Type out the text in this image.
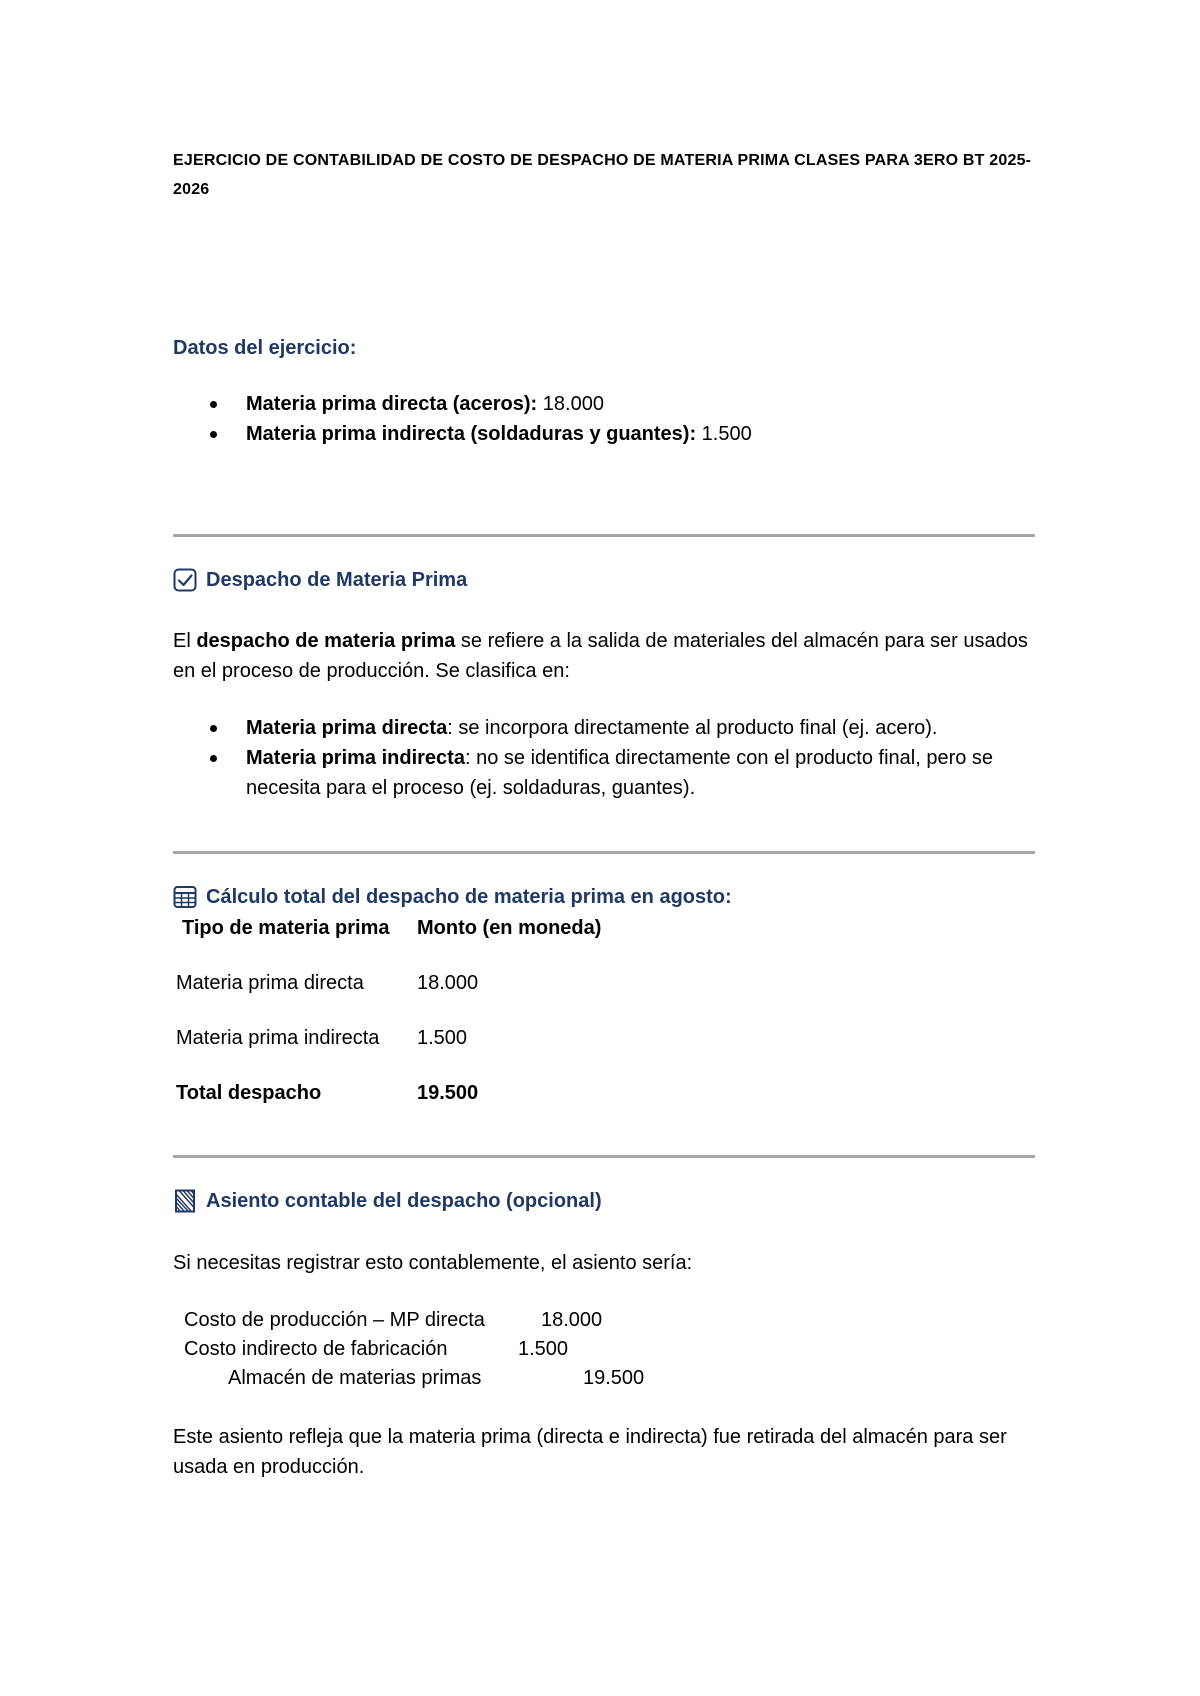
EJERCICIO DE CONTABILIDAD DE COSTO DE DESPACHO DE MATERIA PRIMA CLASES PARA 3ERO BT 2025-2026

Datos del ejercicio:
Materia prima directa (aceros): 18.000
Materia prima indirecta (soldaduras y guantes): 1.500
Despacho de Materia Prima

El despacho de materia prima se refiere a la salida de materiales del almacén para ser usados en el proceso de producción. Se clasifica en:

Materia prima directa: se incorpora directamente al producto final (ej. acero).
Materia prima indirecta: no se identifica directamente con el producto final, pero se necesita para el proceso (ej. soldaduras, guantes).
Cálculo total del despacho de materia prima en agosto:
Tipo de materia prima	Monto (en moneda)
Materia prima directa	18.000
Materia prima indirecta	1.500
Total despacho	19.500
Asiento contable del despacho (opcional)

Si necesitas registrar esto contablemente, el asiento sería:

Costo de producción – MP directa	18.000
Costo indirecto de fabricación	1.500
Almacén de materias primas	19.500

Este asiento refleja que la materia prima (directa e indirecta) fue retirada del almacén para ser usada en producción.
